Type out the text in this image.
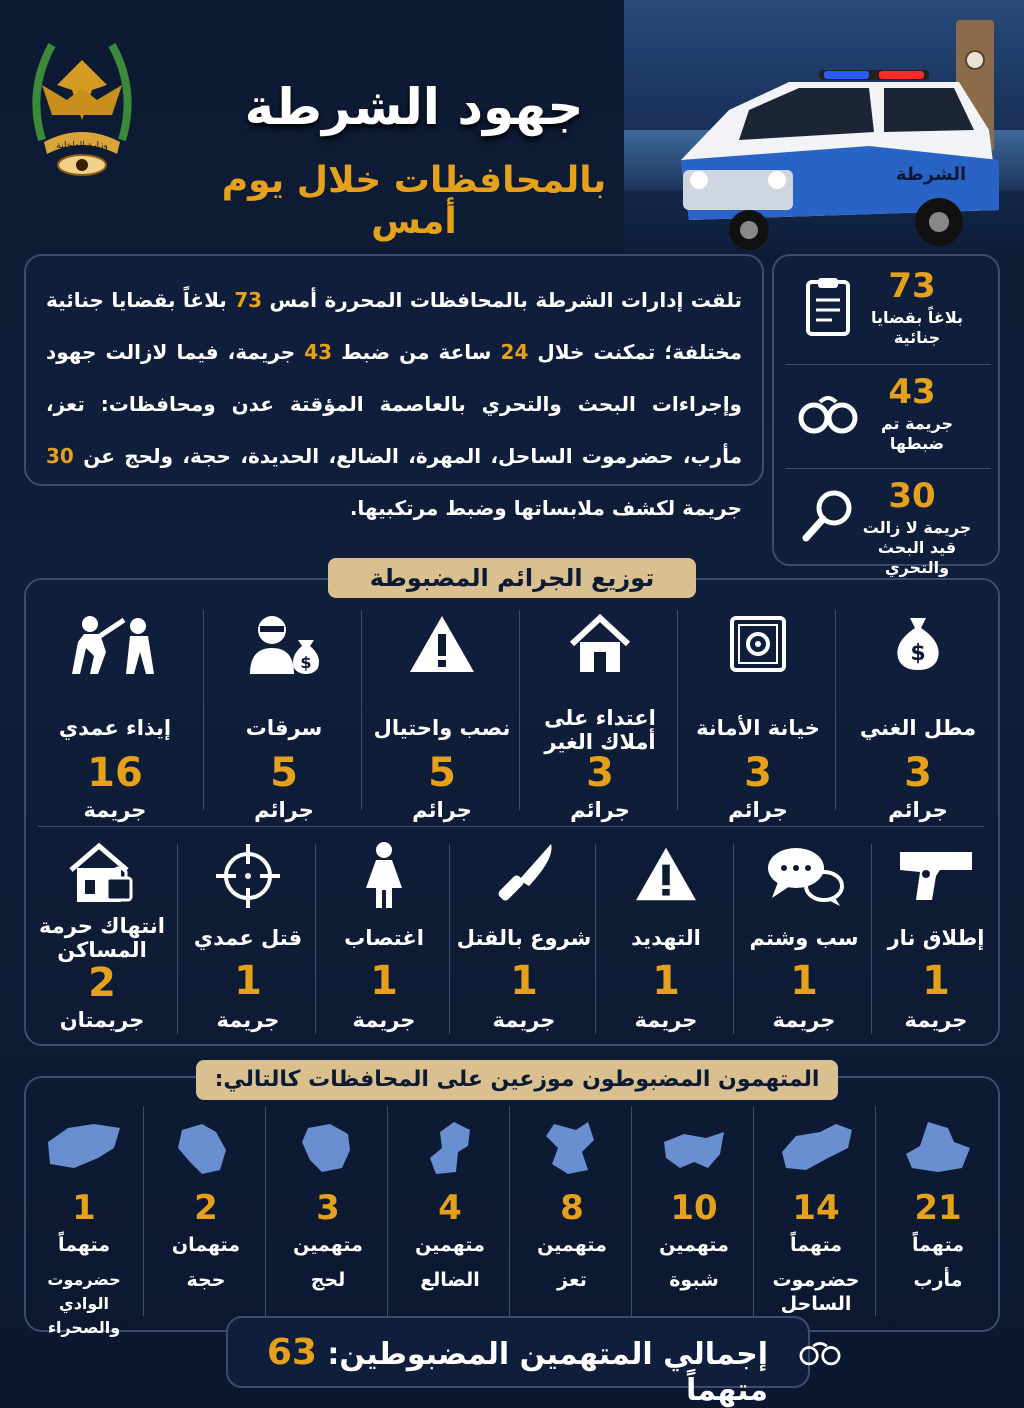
الشرطة
جهود الشرطة
بالمحافظات خلال يوم أمس
وزارة الداخلية

تلقت إدارات الشرطة بالمحافظات المحررة أمس 73 بلاغاً بقضايا جنائية مختلفة؛ تمكنت خلال 24 ساعة من ضبط 43 جريمة، فيما لازالت جهود وإجراءات البحث والتحري بالعاصمة المؤقتة عدن ومحافظات: تعز، مأرب، حضرموت الساحل، المهرة، الضالع، الحديدة، حجة، ولحج عن 30 جريمة لكشف ملابساتها وضبط مرتكبيها.

73
بلاغاً بقضايا جنائية
43
جريمة تم ضبطها
30
جريمة لا زالت قيد البحث والتحري
$
مطل الغني
3
جرائم
خيانة الأمانة
3
جرائم
اعتداء على أملاك الغير
3
جرائم
نصب واحتيال
5
جرائم
$
سرقات
5
جرائم
إيذاء عمدي
16
جريمة
إطلاق نار
1
جريمة
سب وشتم
1
جريمة
التهديد
1
جريمة
شروع بالقتل
1
جريمة
اغتصاب
1
جريمة
قتل عمدي
1
جريمة
انتهاك حرمة المساكن
2
جريمتان
توزيع الجرائم المضبوطة
21
متهماً
مأرب
14
متهماً
حضرموت الساحل
10
متهمين
شبوة
8
متهمين
تعز
4
متهمين
الضالع
3
متهمين
لحج
2
متهمان
حجة
1
متهماً
حضرموت الوادي والصحراء
المتهمون المضبوطون موزعين على المحافظات كالتالي:
إجمالي المتهمين المضبوطين: 63 متهماً
